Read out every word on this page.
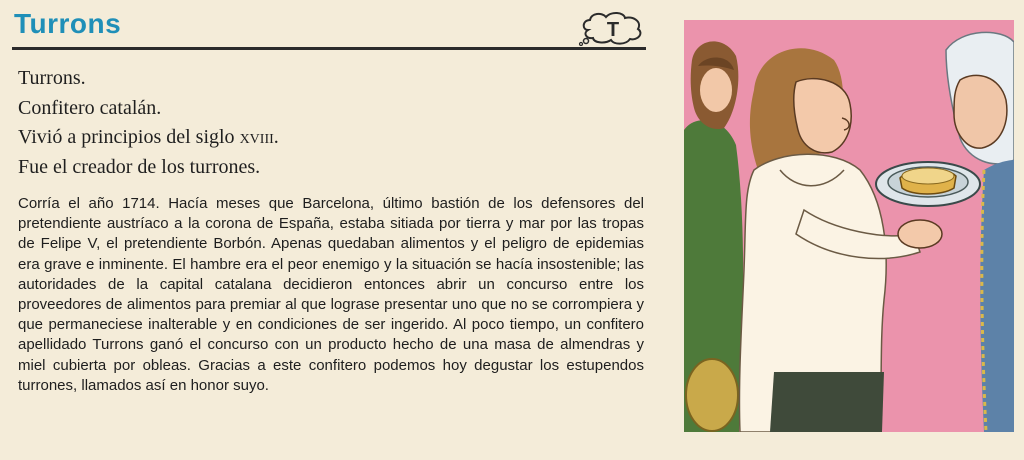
Turrons	T
Turrons.
Confitero catalán.
Vivió a principios del siglo xviii.
Fue el creador de los turrones.
Corría el año 1714. Hacía meses que Barcelona, último bastión de los defensores del pretendiente austríaco a la corona de España, estaba sitiada por tierra y mar por las tropas de Felipe V, el pretendiente Borbón. Apenas quedaban alimentos y el peligro de epidemias era grave e inminente. El hambre era el peor enemigo y la situación se hacía insostenible; las autoridades de la capital catalana decidieron entonces abrir un concurso entre los proveedores de alimentos para premiar al que lograse presentar uno que no se corrompiera y que permaneciese inalterable y en condiciones de ser ingerido. Al poco tiempo, un confitero apellidado Turrons ganó el concurso con un producto hecho de una masa de almendras y miel cubierta por obleas. Gracias a este confitero podemos hoy degustar los estupendos turrones, llamados así en honor suyo.
